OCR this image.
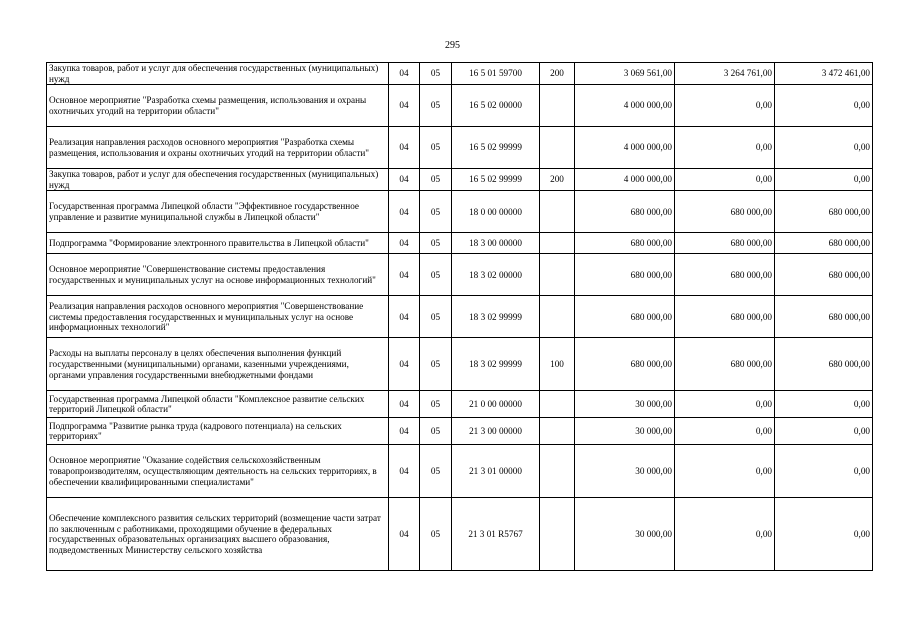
295
Закупка товаров, работ и услуг для обеспечения государственных (муниципальных) нужд	04	05	16 5 01 59700	200	3 069 561,00	3 264 761,00	3 472 461,00
Основное мероприятие "Разработка схемы размещения, использования и охраны охотничьих угодий на территории области"	04	05	16 5 02 00000		4 000 000,00	0,00	0,00
Реализация направления расходов основного мероприятия "Разработка схемы размещения, использования и охраны охотничьих угодий на территории области"	04	05	16 5 02 99999		4 000 000,00	0,00	0,00
Закупка товаров, работ и услуг для обеспечения государственных (муниципальных) нужд	04	05	16 5 02 99999	200	4 000 000,00	0,00	0,00
Государственная программа Липецкой области "Эффективное государственное управление и развитие муниципальной службы в Липецкой области"	04	05	18 0 00 00000		680 000,00	680 000,00	680 000,00
Подпрограмма "Формирование электронного правительства в Липецкой области"	04	05	18 3 00 00000		680 000,00	680 000,00	680 000,00
Основное мероприятие "Совершенствование системы предоставления государственных и муниципальных услуг на основе информационных технологий"	04	05	18 3 02 00000		680 000,00	680 000,00	680 000,00
Реализация направления расходов основного мероприятия "Совершенствование системы предоставления государственных и муниципальных услуг на основе информационных технологий"	04	05	18 3 02 99999		680 000,00	680 000,00	680 000,00
Расходы на выплаты персоналу в целях обеспечения выполнения функций государственными (муниципальными) органами, казенными учреждениями, органами управления государственными внебюджетными фондами	04	05	18 3 02 99999	100	680 000,00	680 000,00	680 000,00
Государственная программа Липецкой области "Комплексное развитие сельских территорий Липецкой области"	04	05	21 0 00 00000		30 000,00	0,00	0,00
Подпрограмма "Развитие рынка труда (кадрового потенциала) на сельских территориях"	04	05	21 3 00 00000		30 000,00	0,00	0,00
Основное мероприятие "Оказание содействия сельскохозяйственным товаропроизводителям, осуществляющим деятельность на сельских территориях, в обеспечении квалифицированными специалистами"	04	05	21 3 01 00000		30 000,00	0,00	0,00
Обеспечение комплексного развития сельских территорий (возмещение части затрат по заключенным с работниками, проходящими обучение в федеральных государственных образовательных организациях высшего образования, подведомственных Министерству сельского хозяйства	04	05	21 3 01 R5767		30 000,00	0,00	0,00
